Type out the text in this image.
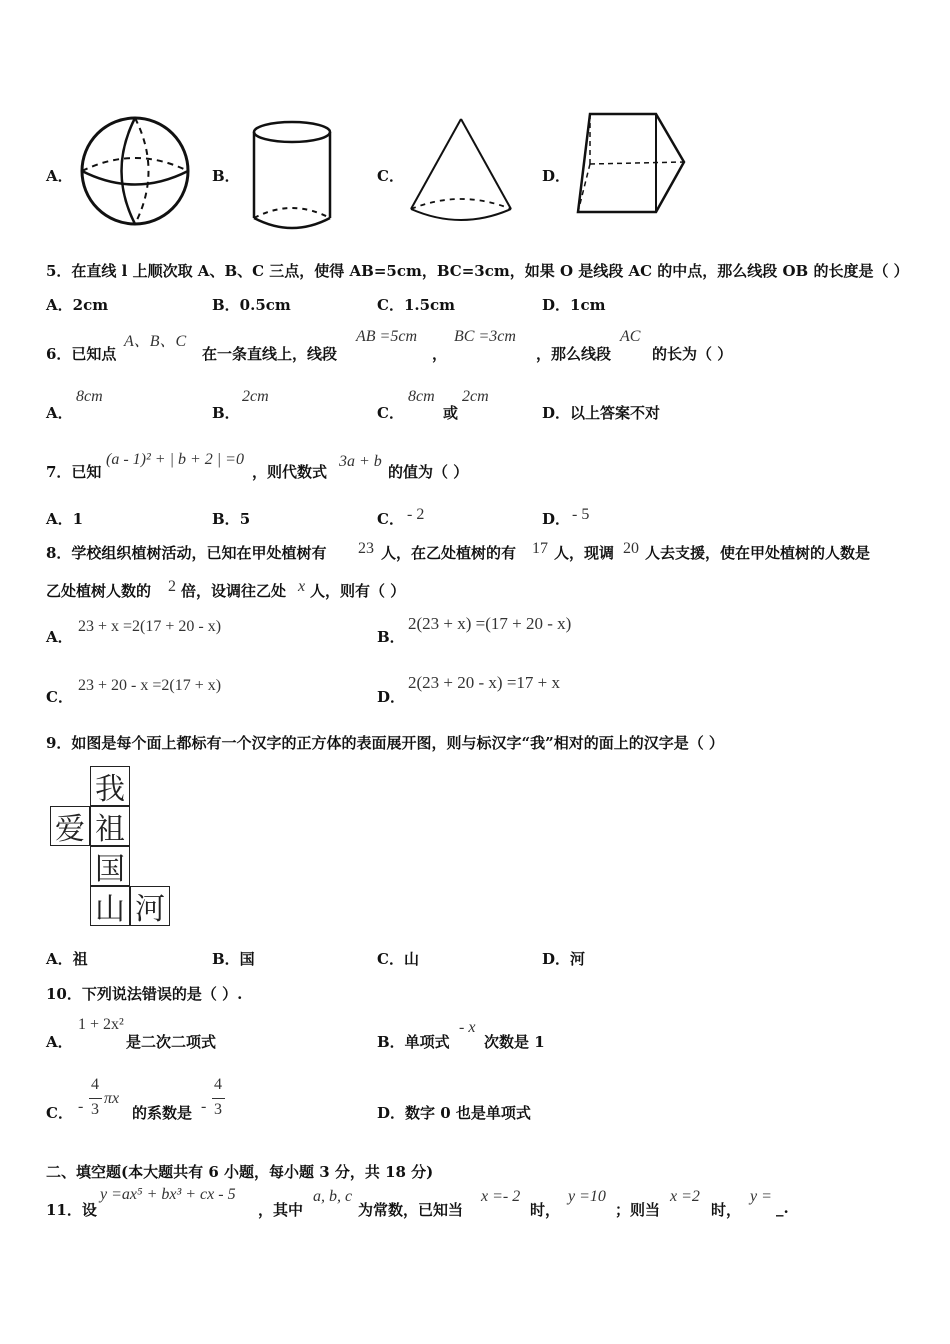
A．	B．	C．	D．
5．在直线 l 上顺次取 A、B、C 三点，使得 AB=5cm，BC=3cm，如果 O 是线段 AC 的中点，那么线段 OB 的长度是（ ）
A．2cm	B．0.5cm	C．1.5cm	D．1cm
6．已知点
A、B、C
在一条直线上，线段
AB =5cm
，
BC =3cm
，那么线段
AC
的长为（ ）
A．
8cm
B．
2cm
C．
8cm
或
2cm
D．以上答案不对
7．已知
(a - 1)² + | b + 2 | =0
，则代数式
3a + b
的值为（ ）
A．1	B．5	C． - 2	D． - 5
8．学校组织植树活动，已知在甲处植树有 23 人，在乙处植树的有 17 人，现调 20 人去支援，使在甲处植树的人数是
乙处植树人数的 2 倍，设调往乙处 x 人，则有（ ）
A．
23 + x =2(17 + 20 - x)
B．
2(23 + x) =(17 + 20 - x)
C．
23 + 20 - x =2(17 + x)
D．
2(23 + 20 - x) =17 + x
9．如图是每个面上都标有一个汉字的正方体的表面展开图，则与标汉字“我”相对的面上的汉字是（ ）
我
爱 祖
国
山 河
A．祖	B．国	C．山	D．河
10．下列说法错误的是（ ）.
A．
1 + 2x²
是二次二项式	B．单项式
- x
次数是 1
C． -
4
3
πx
的系数是 -
4
3	D．数字 0 也是单项式
二、填空题(本大题共有 6 小题，每小题 3 分，共 18 分)
11．设
y =ax⁵ + bx³ + cx - 5
，其中
a, b, c
为常数，已知当
x =- 2
时，
y =10
；则当
x =2
时，
y =
_.
